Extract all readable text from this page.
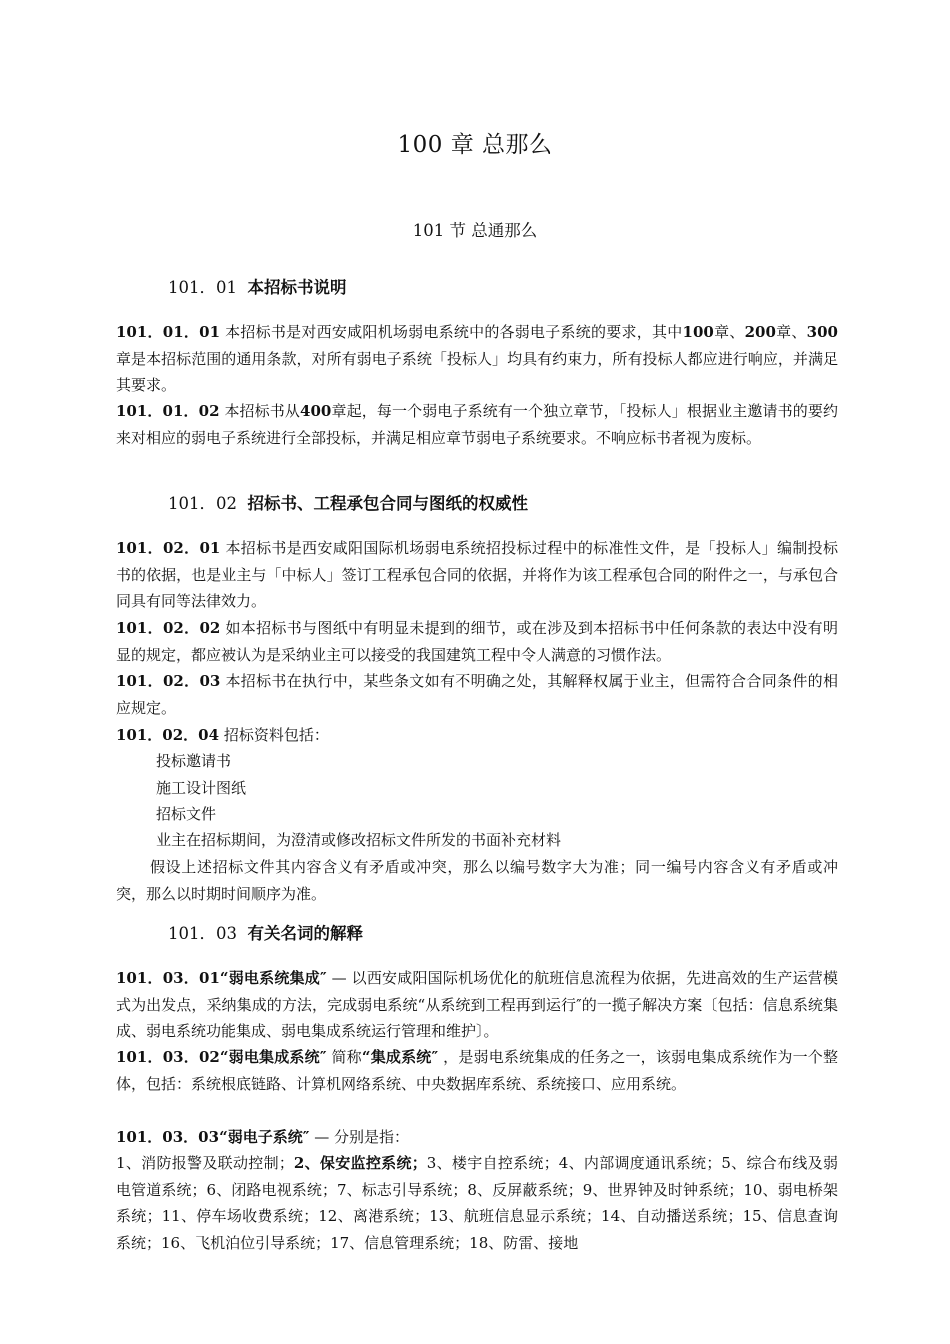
100 章 总那么
101 节 总通那么
101．01 本招标书说明
101．01．01 本招标书是对西安咸阳机场弱电系统中的各弱电子系统的要求，其中100章、200章、300章是本招标范围的通用条款，对所有弱电子系统「投标人」均具有约束力，所有投标人都应进行响应，并满足其要求。
101．01．02 本招标书从400章起，每一个弱电子系统有一个独立章节，「投标人」根据业主邀请书的要约来对相应的弱电子系统进行全部投标，并满足相应章节弱电子系统要求。不响应标书者视为废标。
101．02 招标书、工程承包合同与图纸的权威性
101．02．01 本招标书是西安咸阳国际机场弱电系统招投标过程中的标准性文件，是「投标人」编制投标书的依据，也是业主与「中标人」签订工程承包合同的依据，并将作为该工程承包合同的附件之一，与承包合同具有同等法律效力。
101．02．02 如本招标书与图纸中有明显未提到的细节，或在涉及到本招标书中任何条款的表达中没有明显的规定，都应被认为是采纳业主可以接受的我国建筑工程中令人满意的习惯作法。
101．02．03 本招标书在执行中，某些条文如有不明确之处，其解释权属于业主，但需符合合同条件的相应规定。
101．02．04 招标资料包括：
投标邀请书
施工设计图纸
招标文件
业主在招标期间，为澄清或修改招标文件所发的书面补充材料
假设上述招标文件其内容含义有矛盾或冲突，那么以编号数字大为准；同一编号内容含义有矛盾或冲突，那么以时期时间顺序为准。
101．03 有关名词的解释
101．03．01“弱电系统集成″ — 以西安咸阳国际机场优化的航班信息流程为依据，先进高效的生产运营模式为出发点，采纳集成的方法，完成弱电系统“从系统到工程再到运行″的一揽子解决方案〔包括：信息系统集成、弱电系统功能集成、弱电集成系统运行管理和维护〕。
101．03．02“弱电集成系统″ 简称“集成系统″ ，是弱电系统集成的任务之一，该弱电集成系统作为一个整体，包括：系统根底链路、计算机网络系统、中央数据库系统、系统接口、应用系统。
101．03．03“弱电子系统″ — 分别是指：
1、消防报警及联动控制；2、保安监控系统；3、楼宇自控系统；4、内部调度通讯系统；5、综合布线及弱电管道系统；6、闭路电视系统；7、标志引导系统；8、反屏蔽系统；9、世界钟及时钟系统；10、弱电桥架系统；11、停车场收费系统；12、离港系统；13、航班信息显示系统；14、自动播送系统；15、信息查询系统；16、飞机泊位引导系统；17、信息管理系统；18、防雷、接地
